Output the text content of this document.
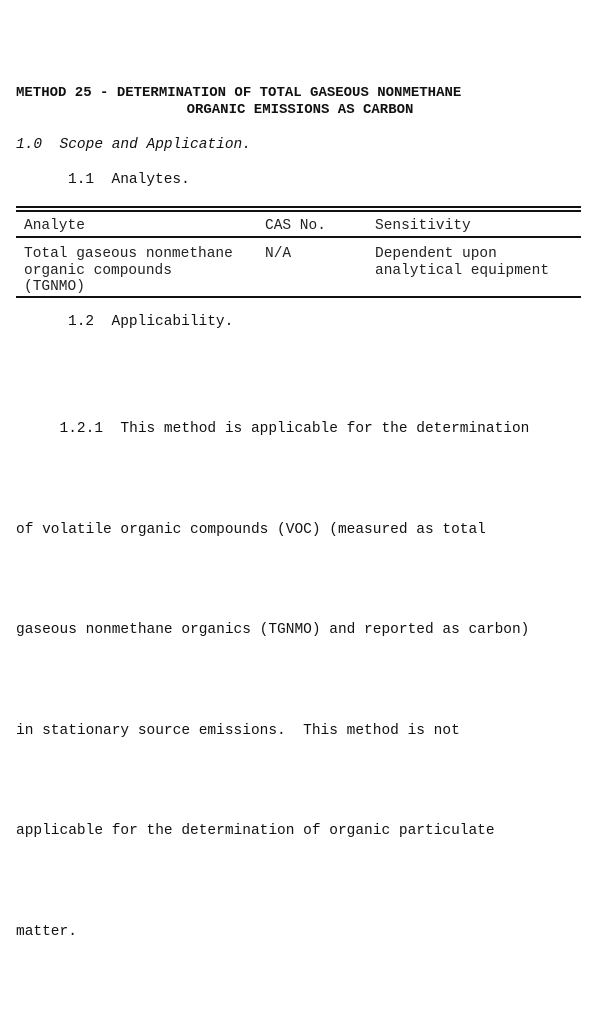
METHOD 25 - DETERMINATION OF TOTAL GASEOUS NONMETHANE
ORGANIC EMISSIONS AS CARBON
1.0  Scope and Application.
1.1  Analytes.
Analyte	CAS No.	Sensitivity
Total gaseous nonmethane
organic compounds
(TGNMO)
N/A	Dependent upon
analytical equipment
1.2  Applicability.

1.2.1  This method is applicable for the determination

of volatile organic compounds (VOC) (measured as total

gaseous nonmethane organics (TGNMO) and reported as carbon)

in stationary source emissions.  This method is not

applicable for the determination of organic particulate

matter.
